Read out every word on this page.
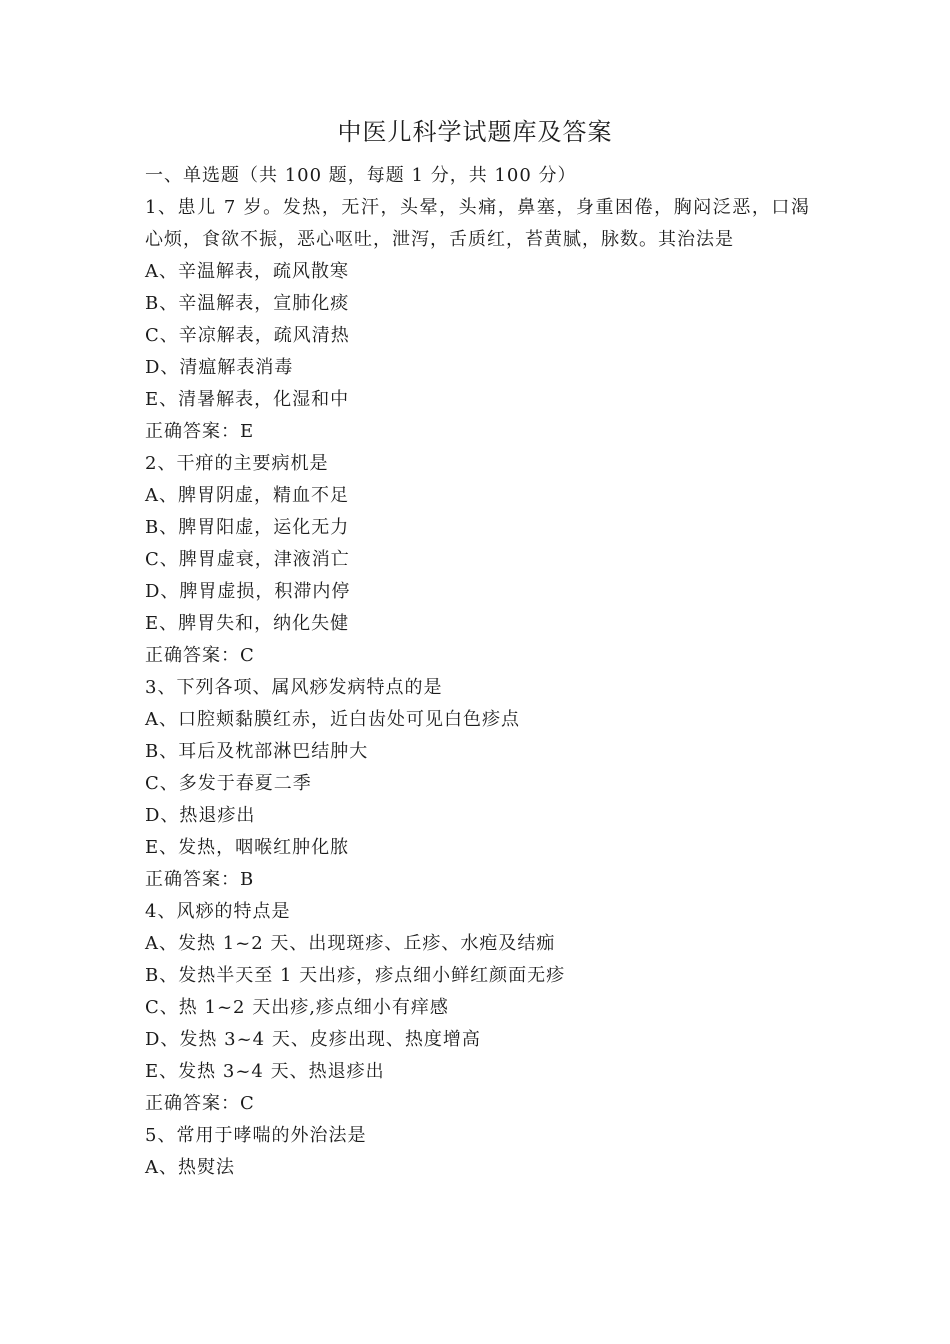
中医儿科学试题库及答案

一、单选题（共 100 题，每题 1 分，共 100 分）

1、患儿 7 岁。发热，无汗，头晕，头痛，鼻塞，身重困倦，胸闷泛恶，口渴心烦，食欲不振，恶心呕吐，泄泻，舌质红，苔黄腻，脉数。其治法是

A、辛温解表，疏风散寒

B、辛温解表，宣肺化痰

C、辛凉解表，疏风清热

D、清瘟解表消毒

E、清暑解表，化湿和中

正确答案：E

2、干疳的主要病机是

A、脾胃阴虚，精血不足

B、脾胃阳虚，运化无力

C、脾胃虚衰，津液消亡

D、脾胃虚损，积滞内停

E、脾胃失和，纳化失健

正确答案：C

3、下列各项、属风痧发病特点的是

A、口腔颊黏膜红赤，近白齿处可见白色疹点

B、耳后及枕部淋巴结肿大

C、多发于春夏二季

D、热退疹出

E、发热，咽喉红肿化脓

正确答案：B

4、风痧的特点是

A、发热 1~2 天、出现斑疹、丘疹、水疱及结痂

B、发热半天至 1 天出疹，疹点细小鲜红颜面无疹

C、热 1~2 天出疹,疹点细小有痒感

D、发热 3~4 天、皮疹出现、热度增高

E、发热 3~4 天、热退疹出

正确答案：C

5、常用于哮喘的外治法是

A、热熨法
